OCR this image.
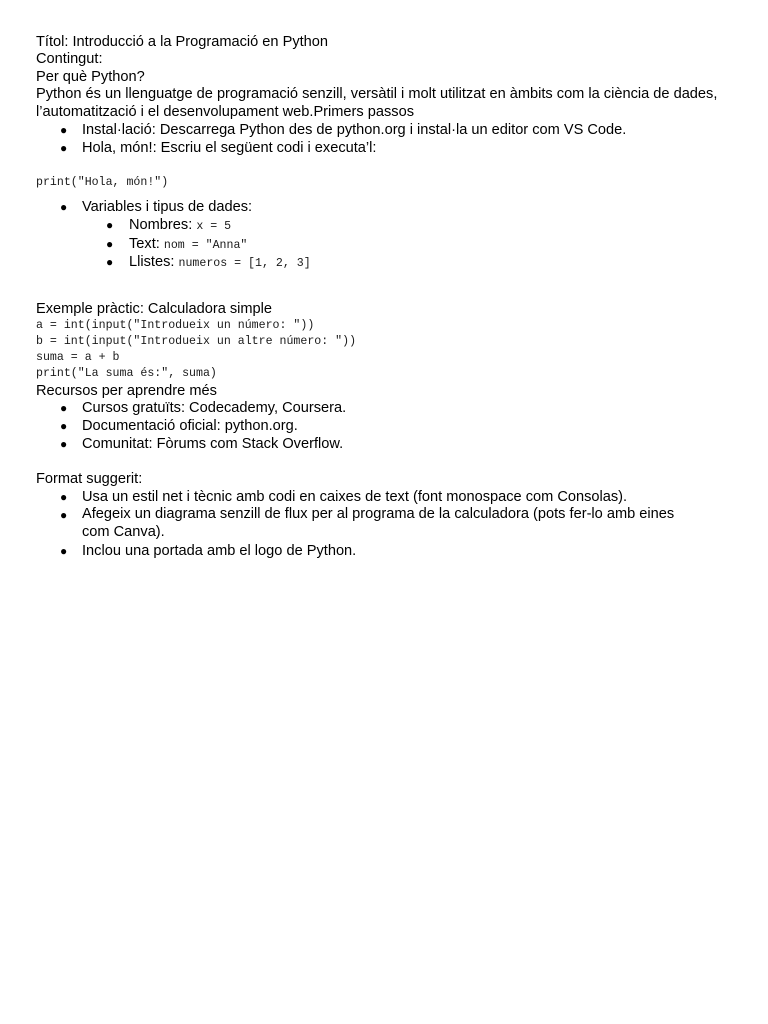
Títol: Introducció a la Programació en Python
Contingut:
Per què Python?
Python és un llenguatge de programació senzill, versàtil i molt utilitzat en àmbits com la ciència de dades, l’automatització i el desenvolupament web.Primers passos
● Instal·lació: Descarrega Python des de python.org i instal·la un editor com VS Code.
● Hola, món!: Escriu el següent codi i executa’l:
print("Hola, món!")
● Variables i tipus de dades:
● Nombres: x = 5
● Text: nom = "Anna"
● Llistes: numeros = [1, 2, 3]
Exemple pràctic: Calculadora simple
a = int(input("Introdueix un número: "))
b = int(input("Introdueix un altre número: "))
suma = a + b
print("La suma és:", suma)
Recursos per aprendre més
● Cursos gratuïts: Codecademy, Coursera.
● Documentació oficial: python.org.
● Comunitat: Fòrums com Stack Overflow.
Format suggerit:
● Usa un estil net i tècnic amb codi en caixes de text (font monospace com Consolas).
● Afegeix un diagrama senzill de flux per al programa de la calculadora (pots fer-lo amb eines com Canva).
● Inclou una portada amb el logo de Python.
